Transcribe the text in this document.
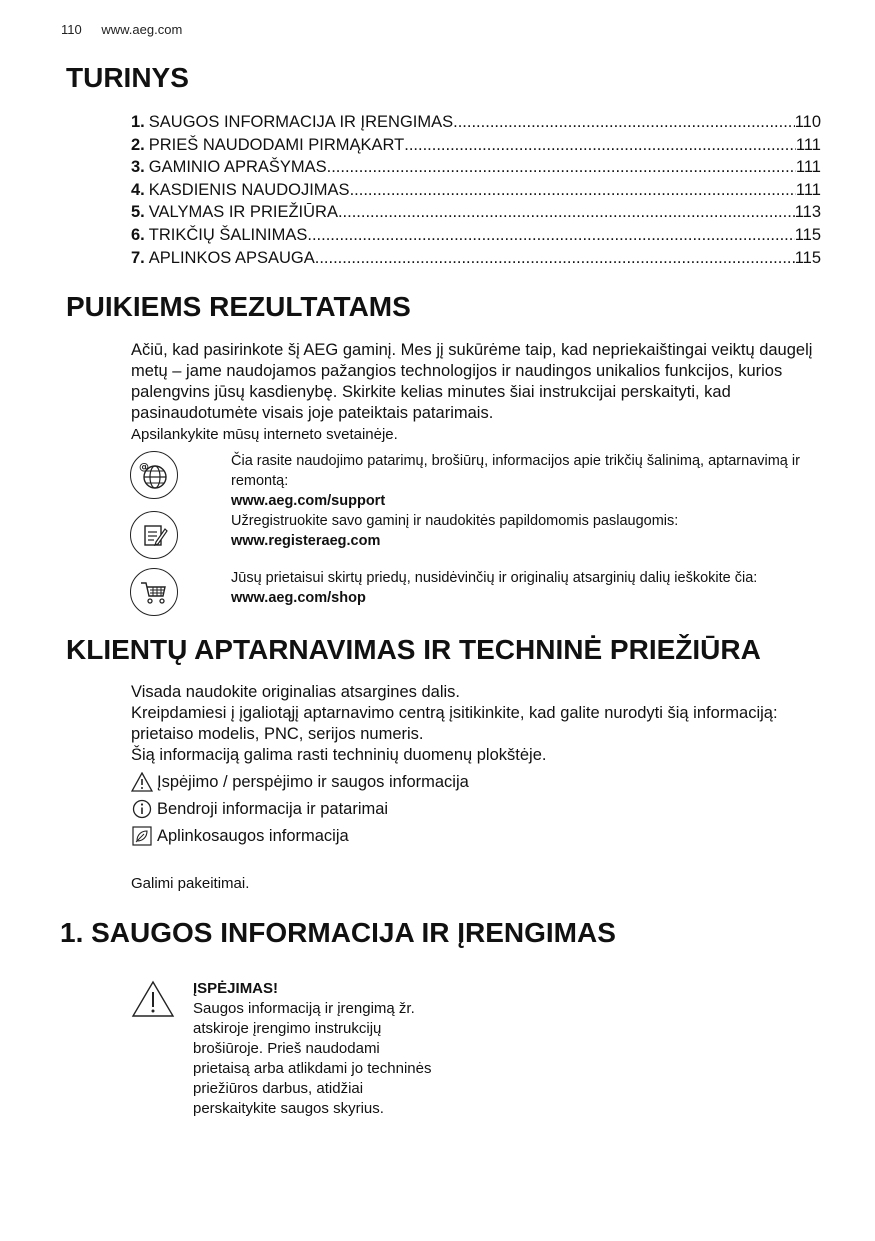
110 www.aeg.com
TURINYS
1. SAUGOS INFORMACIJA IR ĮRENGIMAS .....	110
2. PRIEŠ NAUDODAMI PIRMĄKART .....	111
3. GAMINIO APRAŠYMAS .....	111
4. KASDIENIS NAUDOJIMAS .....	111
5. VALYMAS IR PRIEŽIŪRA .....	113
6. TRIKČIŲ ŠALINIMAS .....	115
7. APLINKOS APSAUGA .....	115
PUIKIEMS REZULTATAMS
Ačiū, kad pasirinkote šį AEG gaminį. Mes jį sukūrėme taip, kad nepriekaištingai veiktų daugelį metų – jame naudojamos pažangios technologijos ir naudingos unikalios funkcijos, kurios palengvins jūsų kasdienybę. Skirkite kelias minutes šiai instrukcijai perskaityti, kad pasinaudotumėte visais joje pateiktais patarimais.
Apsilankykite mūsų interneto svetainėje.
@	Čia rasite naudojimo patarimų, brošiūrų, informacijos apie trikčių šalinimą, aptarnavimą ir remontą:
www.aeg.com/support
Užregistruokite savo gaminį ir naudokitės papildomomis paslaugomis:
www.registeraeg.com
Jūsų prietaisui skirtų priedų, nusidėvinčių ir originalių atsarginių dalių ieškokite čia:
www.aeg.com/shop
KLIENTŲ APTARNAVIMAS IR TECHNINĖ PRIEŽIŪRA
Visada naudokite originalias atsargines dalis.
Kreipdamiesi į įgaliotąjį aptarnavimo centrą įsitikinkite, kad galite nurodyti šią informaciją: prietaiso modelis, PNC, serijos numeris.
Šią informaciją galima rasti techninių duomenų plokštėje.
Įspėjimo / perspėjimo ir saugos informacija
Bendroji informacija ir patarimai
Aplinkosaugos informacija
Galimi pakeitimai.
1. SAUGOS INFORMACIJA IR ĮRENGIMAS
ĮSPĖJIMAS!
Saugos informaciją ir įrengimą žr. atskiroje įrengimo instrukcijų brošiūroje. Prieš naudodami prietaisą arba atlikdami jo techninės priežiūros darbus, atidžiai perskaitykite saugos skyrius.
